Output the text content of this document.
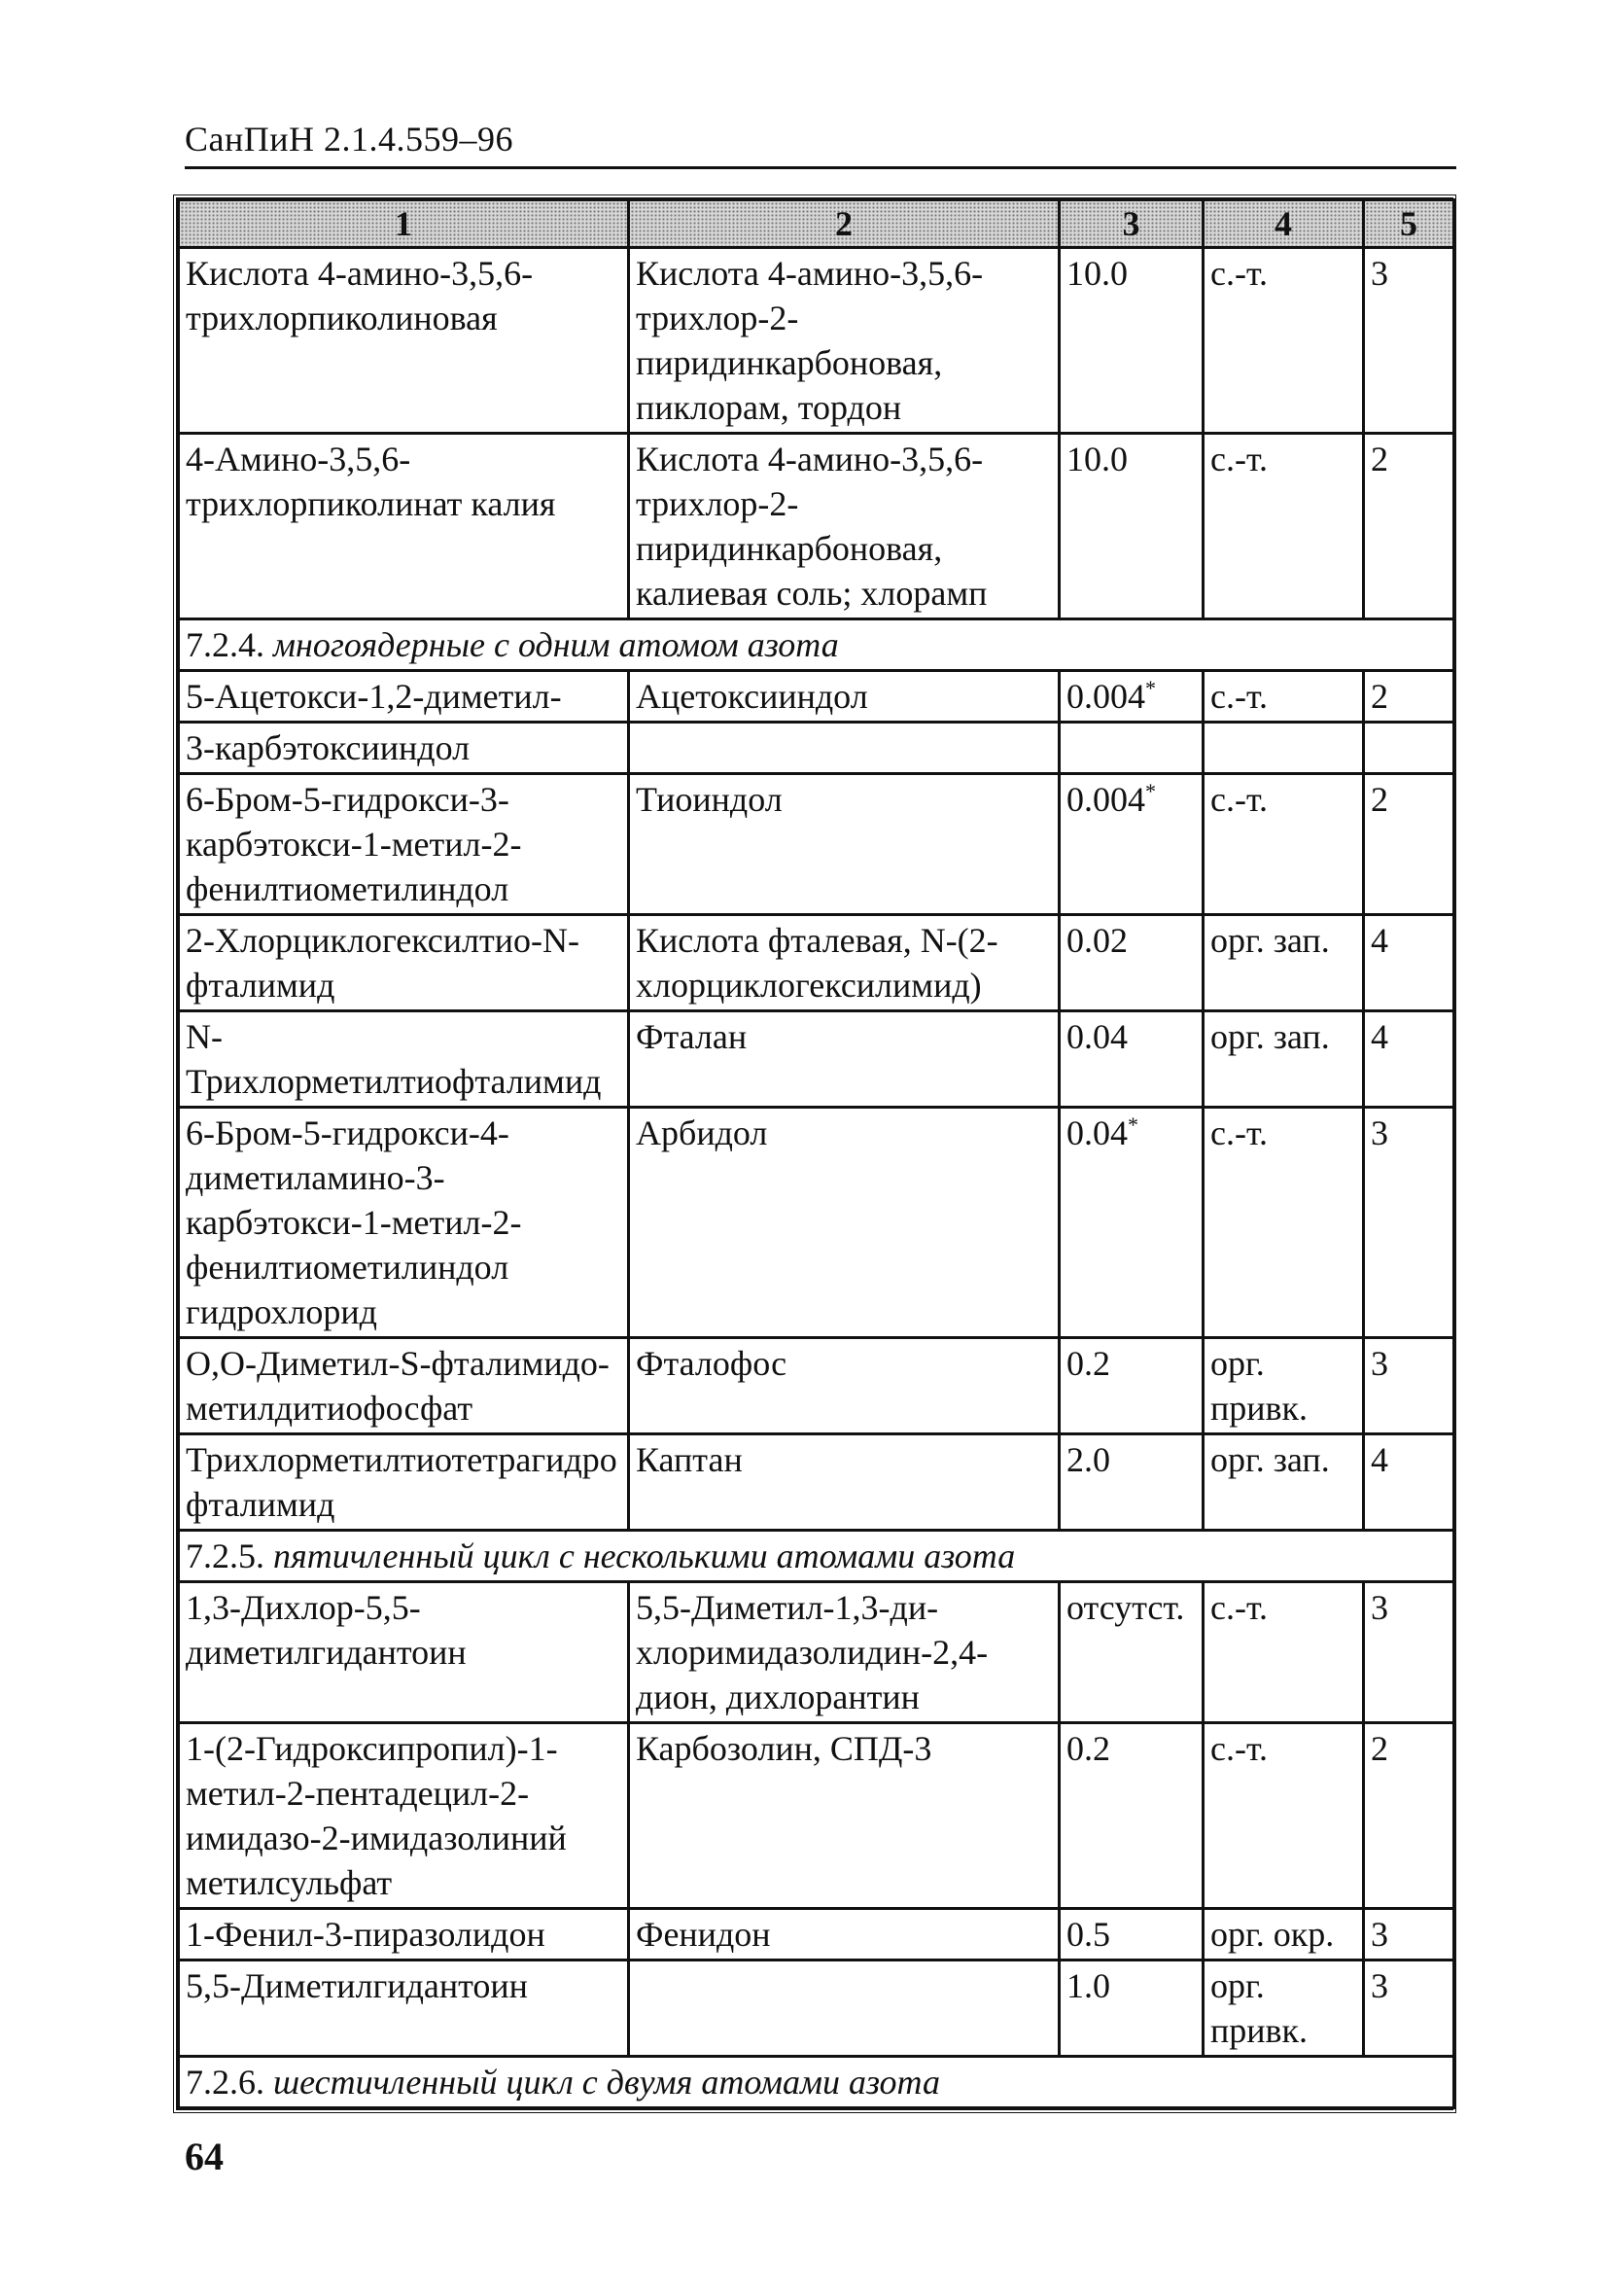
СанПиН 2.1.4.559–96
1	2	3	4	5
Кислота 4-амино-3,5,6-трихлорпиколиновая	Кислота 4-амино-3,5,6-трихлор-2-пиридинкарбоновая, пиклорам, тордон	10.0	с.-т.	3
4-Амино-3,5,6-трихлорпиколинат калия	Кислота 4-амино-3,5,6-трихлор-2-пиридинкарбоновая, калиевая соль; хлорамп	10.0	с.-т.	2
7.2.4. многоядерные с одним атомом азота				
5-Ацетокси-1,2-диметил-	Ацетоксииндол	0.004*	с.-т.	2
3-карбэтоксииндол				
6-Бром-5-гидрокси-3-карбэтокси-1-метил-2-фенилтиометилиндол	Тиоиндол	0.004*	с.-т.	2
2-Хлорциклогексилтио-N-фталимид	Кислота фталевая, N-(2-хлорциклогексилимид)	0.02	орг. зап.	4
N-Трихлорметилтиофталимид	Фталан	0.04	орг. зап.	4
6-Бром-5-гидрокси-4-диметиламино-3-карбэтокси-1-метил-2-фенилтиометилиндол гидрохлорид	Арбидол	0.04*	с.-т.	3
О,О-Диметил-S-фталимидо- метилдитиофосфат	Фталофос	0.2	орг. привк.	3
Трихлорметилтиотетрагидрофталимид	Каптан	2.0	орг. зап.	4
7.2.5. пятичленный цикл с несколькими атомами азота				
1,3-Дихлор-5,5-диметилгидантоин	5,5-Диметил-1,3-ди- хлоримидазолидин-2,4- дион, дихлорантин	отсутст.	с.-т.	3
1-(2-Гидроксипропил)-1-метил-2-пентадецил-2-имидазо-2-имидазолиний метилсульфат	Карбозолин, СПД-3	0.2	с.-т.	2
1-Фенил-3-пиразолидон	Фенидон	0.5	орг. окр.	3
5,5-Диметилгидантоин		1.0	орг. привк.	3
7.2.6. шестичленный цикл с двумя атомами азота				
64
